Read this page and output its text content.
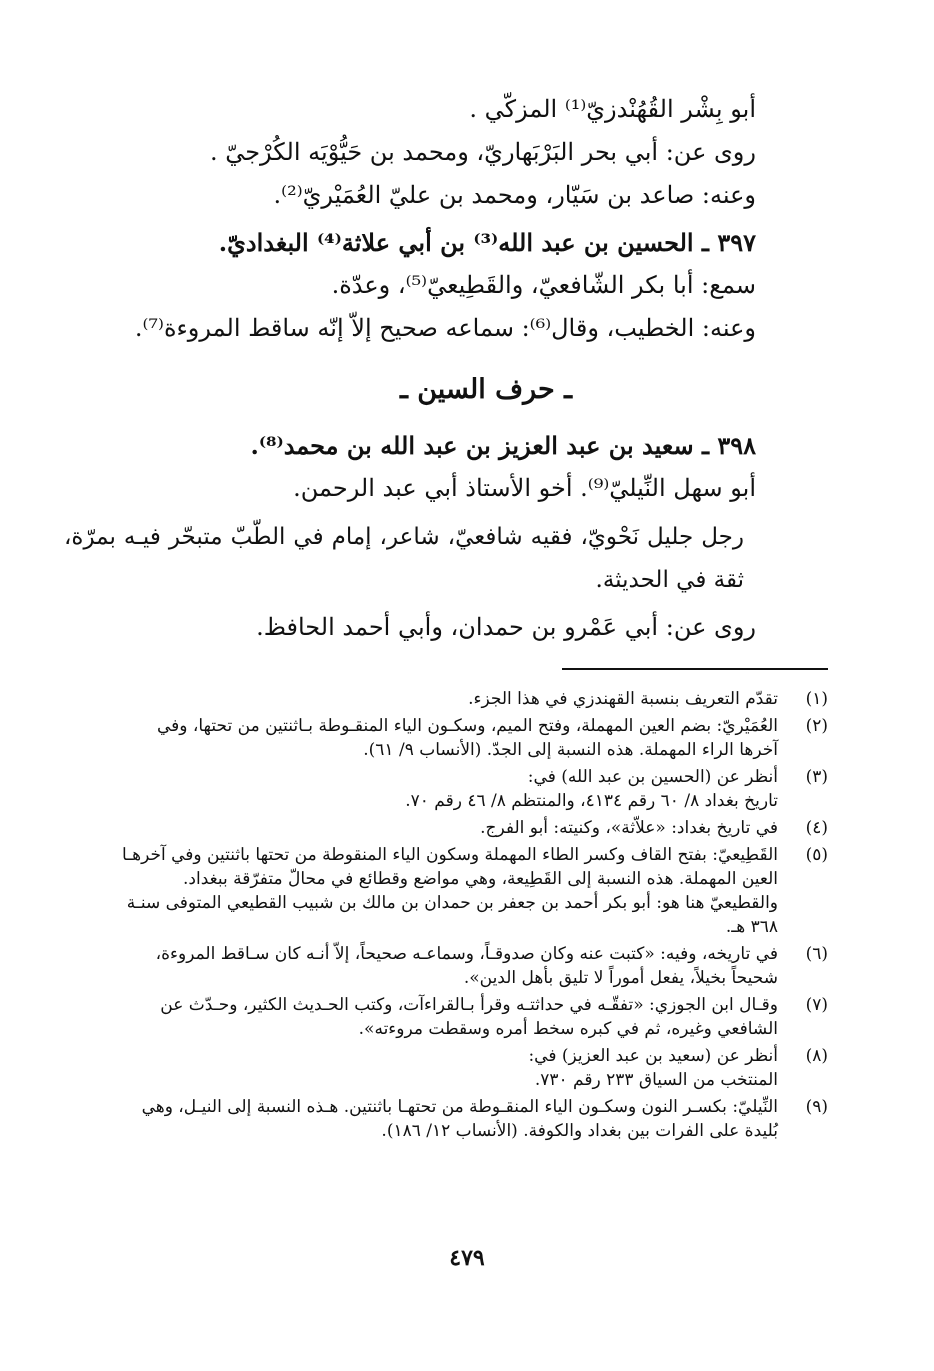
أبو بِشْر القُهُنْدزيّ⁽¹⁾ المزكّي .
روى عن: أبي بحر البَرْبَهاريّ، ومحمد بن حَيُّوْيَه الكُرْجيّ .
وعنه: صاعد بن سَيّار، ومحمد بن عليّ العُمَيْريّ⁽²⁾.
٣٩٧ ـ الحسين بن عبد الله⁽³⁾ بن أبي علاثة⁽⁴⁾ البغداديّ.
سمع: أبا بكر الشّافعيّ، والقَطِيعيّ⁽⁵⁾، وعدّة.
وعنه: الخطيب، وقال⁽⁶⁾: سماعه صحيح إلاّ إنّه ساقط المروءة⁽⁷⁾.
ـ حرف السين ـ
٣٩٨ ـ سعيد بن عبد العزيز بن عبد الله بن محمد⁽⁸⁾.
أبو سهل النِّيليّ⁽⁹⁾. أخو الأستاذ أبي عبد الرحمن.
رجل جليل نَحْويّ، فقيه شافعيّ، شاعر، إمام في الطّبّ متبحّر فيـه بمرّة، ثقة في الحديثة.
روى عن: أبي عَمْرو بن حمدان، وأبي أحمد الحافظ.
(١)
تقدّم التعريف بنسبة القهندزي في هذا الجزء.
(٢)
العُمَيْريّ: بضم العين المهملة، وفتح الميم، وسكـون الياء المنقـوطة بـاثنتين من تحتها، وفي
آخرها الراء المهملة. هذه النسبة إلى الجدّ. (الأنساب ٩/ ٦١).
(٣)
أنظر عن (الحسين بن عبد الله) في:
تاريخ بغداد ٨/ ٦٠ رقم ٤١٣٤، والمنتظم ٨/ ٤٦ رقم ٧٠.
(٤)
في تاريخ بغداد: «علاّثة»، وكنيته: أبو الفرج.
(٥)
القَطِيعيّ: بفتح القاف وكسر الطاء المهملة وسكون الياء المنقوطة من تحتها باثنتين وفي آخرهـا
العين المهملة. هذه النسبة إلى القَطِيعة، وهي مواضع وقطائع في محالّ متفرّقة ببغداد.
والقطيعيّ هنا هو: أبو بكر أحمد بن جعفر بن حمدان بن مالك بن شبيب القطيعي المتوفى سنـة
٣٦٨ هـ.
(٦)
في تاريخه، وفيه: «كتبت عنه وكان صدوقـاً، وسماعـه صحيحاً، إلاّ أنـه كان سـاقط المروءة،
شحيحاً بخيلاً، يفعل أموراً لا تليق بأهل الدين».
(٧)
وقـال ابن الجوزي: «تفقّـه في حداثتـه وقرأ بـالقراءآت، وكتب الحـديث الكثير، وحـدّث عن
الشافعي وغيره، ثم في كبره سخط أمره وسقطت مروءته».
(٨)
أنظر عن (سعيد بن عبد العزيز) في:
المنتخب من السياق ٢٣٣ رقم ٧٣٠.
(٩)
النِّيليّ: بكسـر النون وسكـون الياء المنقـوطة من تحتهـا باثنتين. هـذه النسبة إلى النيـل، وهي
بُليدة على الفرات بين بغداد والكوفة. (الأنساب ١٢/ ١٨٦).
٤٧٩
